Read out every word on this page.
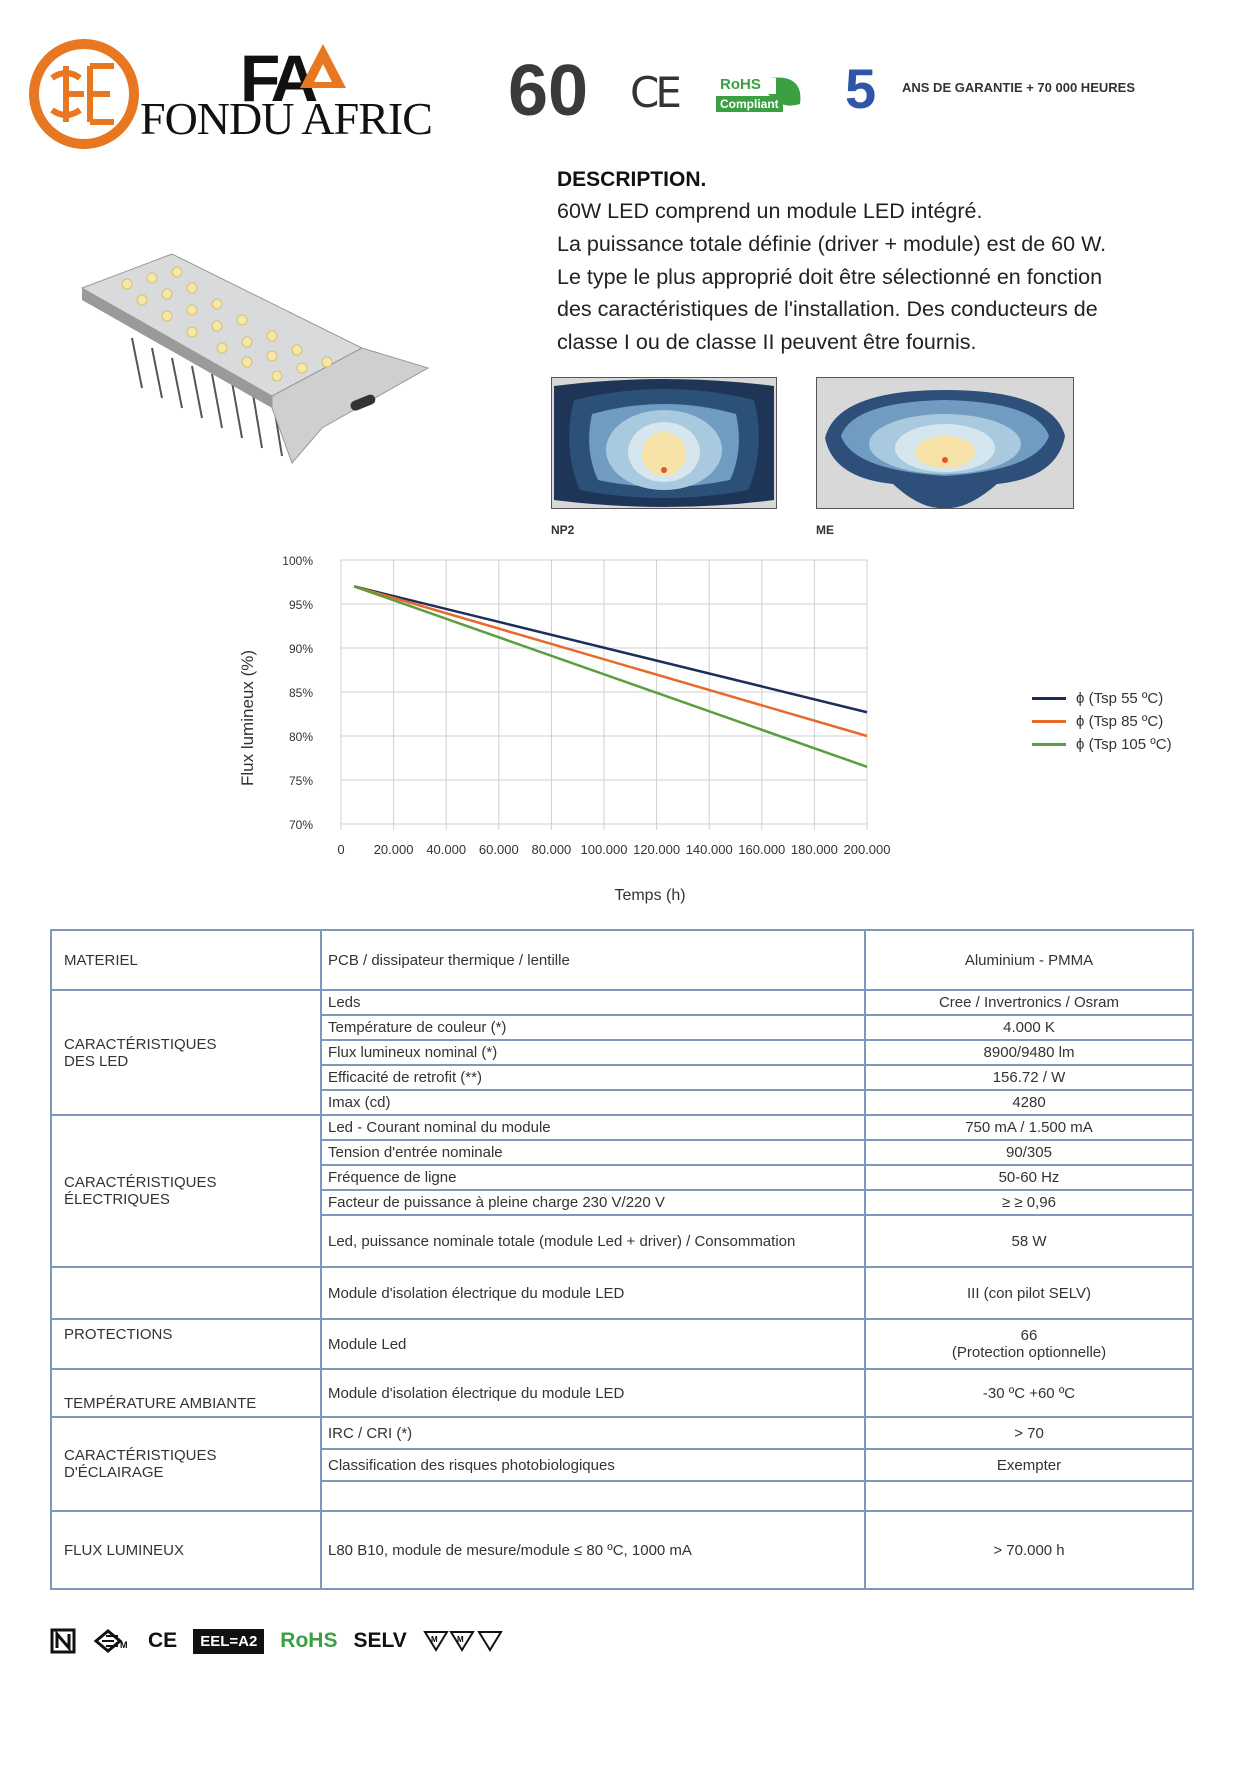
FA
FONDU AFRIC 60 CE	RoHS
Compliant 5 ANS DE GARANTIE + 70 000 HEURES
DESCRIPTION.
60W LED comprend un module LED intégré.
La puissance totale définie (driver + module) est de 60 W.
Le type le plus approprié doit être sélectionné en fonction
des caractéristiques de l'installation. Des conducteurs de
classe I ou de classe II peuvent être fournis.
NP2	ME
Flux lumineux (%)
Temps (h)
100%
95%
90%
85%
80%
75%
70%
0 20.000 40.000 60.000 80.000 100.000 120.000 140.000 160.000 180.000 200.000
ϕ (Tsp 55 ºC)
ϕ (Tsp 85 ºC)
ϕ (Tsp 105 ºC)
MATERIEL	PCB / dissipateur thermique / lentille	Aluminium - PMMA

CARACTÉRISTIQUES
DES LED	Leds	Cree / Invertronics / Osram
	Température de couleur (*)	4.000 K
	Flux lumineux nominal (*)	8900/9480 lm
	Efficacité de retrofit (**)	156.72 / W
	Imax (cd)	4280

CARACTÉRISTIQUES
ÉLECTRIQUES	Led - Courant nominal du module	750 mA / 1.500 mA
	Tension d'entrée nominale	90/305
	Fréquence de ligne	50-60 Hz
	Facteur de puissance à pleine charge 230 V/220 V	≥ ≥ 0,96
	Led, puissance nominale totale (module Led + driver) / Consommation	58 W
	Module d'isolation électrique du module LED	III (con pilot SELV)
PROTECTIONS	Module Led	66
(Protection optionnelle)

TEMPÉRATURE AMBIANTE	Module d'isolation électrique du module LED	-30 ºC +60 ºC

CARACTÉRISTIQUES
D'ÉCLAIRAGE	IRC / CRI (*)	> 70
	Classification des risques photobiologiques	Exempter

FLUX LUMINEUX	L80 B10, module de mesure/module ≤ 80 ºC, 1000 mA	> 70.000 h
M CE	EEL=A2	RoHS SELV	M M
